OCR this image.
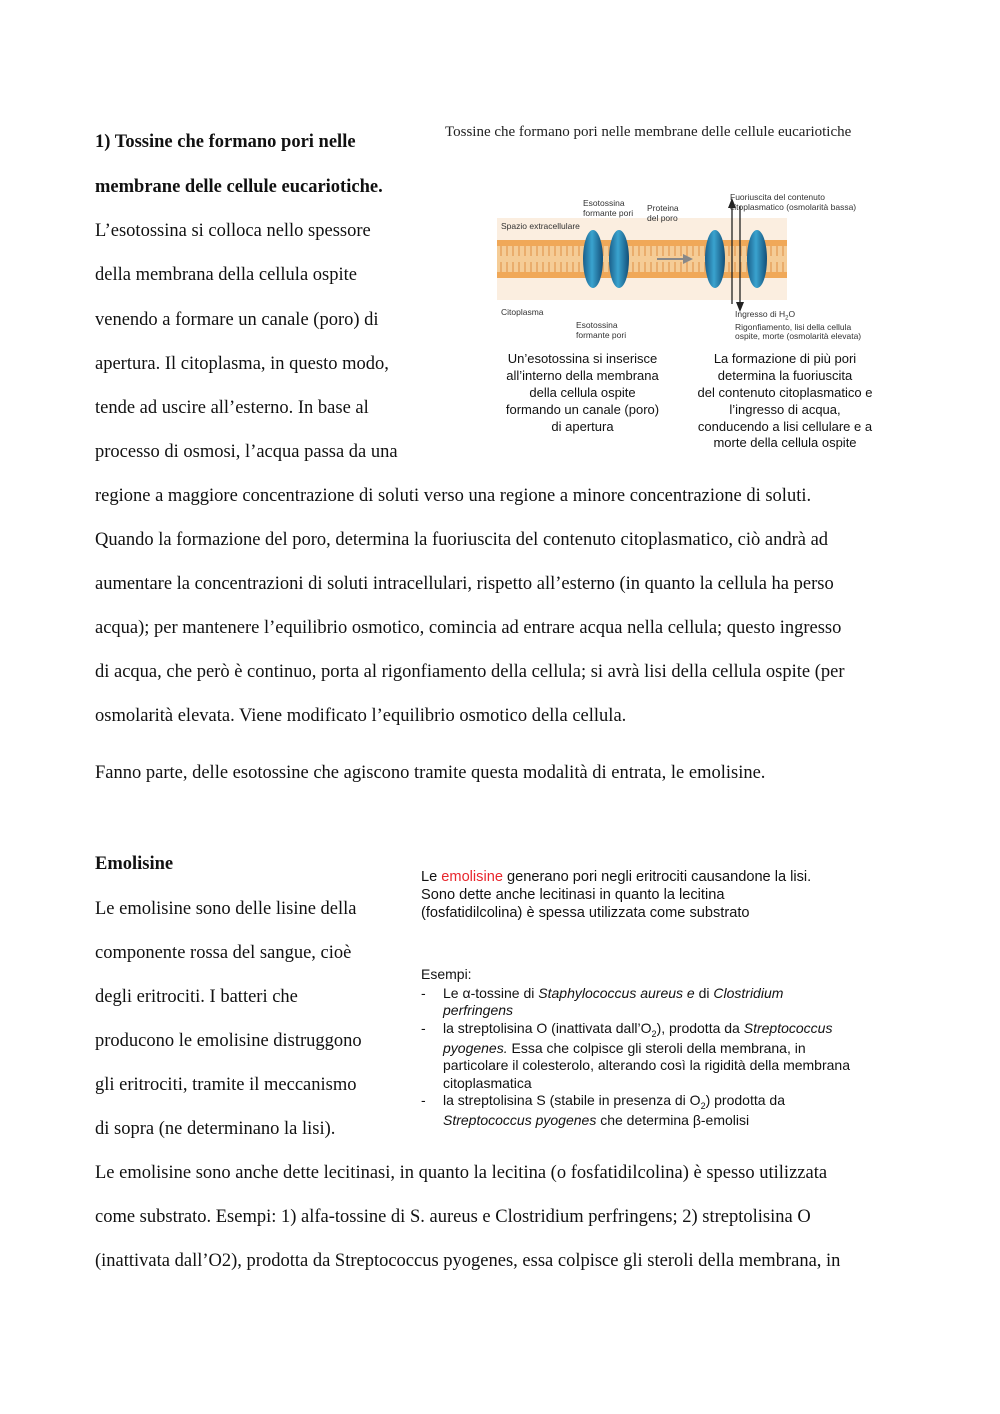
1) Tossine che formano pori nelle
membrane delle cellule eucariotiche.
L’esotossina si colloca nello spessore
della membrana della cellula ospite
venendo a formare un canale (poro) di
apertura. Il citoplasma, in questo modo,
tende ad uscire all’esterno. In base al
processo di osmosi, l’acqua passa da una
regione a maggiore concentrazione di soluti verso una regione a minore concentrazione di soluti.
Quando la formazione del poro, determina la fuoriuscita del contenuto citoplasmatico, ciò andrà ad
aumentare la concentrazioni di soluti intracellulari, rispetto all’esterno (in quanto la cellula ha perso
acqua); per mantenere l’equilibrio osmotico, comincia ad entrare acqua nella cellula; questo ingresso
di acqua, che però è continuo, porta al rigonfiamento della cellula; si avrà lisi della cellula ospite (per
osmolarità elevata. Viene modificato l’equilibrio osmotico della cellula.
Fanno parte, delle esotossine che agiscono tramite questa modalità di entrata, le emolisine.
Tossine che formano pori nelle membrane delle cellule eucariotiche
Esotossina
formante pori Proteina
del poro
Spazio extracellulare
Fuoriuscita del contenuto
citoplasmatico (osmolarità bassa)
Citoplasma
Esotossina
formante pori
Ingresso di $H_2O$
Rigonfiamento, lisi della cellula
ospite, morte (osmolarità elevata)
Un’esotossina si inserisce
all’interno della membrana
della cellula ospite
formando un canale (poro)
di apertura
La formazione di più pori
determina la fuoriuscita
del contenuto citoplasmatico e
l’ingresso di acqua,
conducendo a lisi cellulare e a
morte della cellula ospite
Emolisine
Le emolisine sono delle lisine della
componente rossa del sangue, cioè
degli eritrociti. I batteri che
producono le emolisine distruggono
gli eritrociti, tramite il meccanismo
di sopra (ne determinano la lisi).
Le emolisine sono anche dette lecitinasi, in quanto la lecitina (o fosfatidilcolina) è spesso utilizzata
come substrato. Esempi: 1) alfa-tossine di S. aureus e Clostridium perfringens; 2) streptolisina O
(inattivata dall’O2), prodotta da Streptococcus pyogenes, essa colpisce gli steroli della membrana, in
Le emolisine generano pori negli eritrociti causandone la lisi.
Sono dette anche lecitinasi in quanto la lecitina
(fosfatidilcolina) è spessa utilizzata come substrato
Esempi:
- Le α-tossine di Staphylococcus aureus e di Clostridium
perfringens
- la streptolisina O (inattivata $dall’O_2$), prodotta da Streptococcus
pyogenes. Essa che colpisce gli steroli della membrana, in
particolare il colesterolo, alterando così la rigidità della membrana
citoplasmatica
- la streptolisina S (stabile in presenza di $O_2$) prodotta da
Streptococcus pyogenes che determina β-emolisi
